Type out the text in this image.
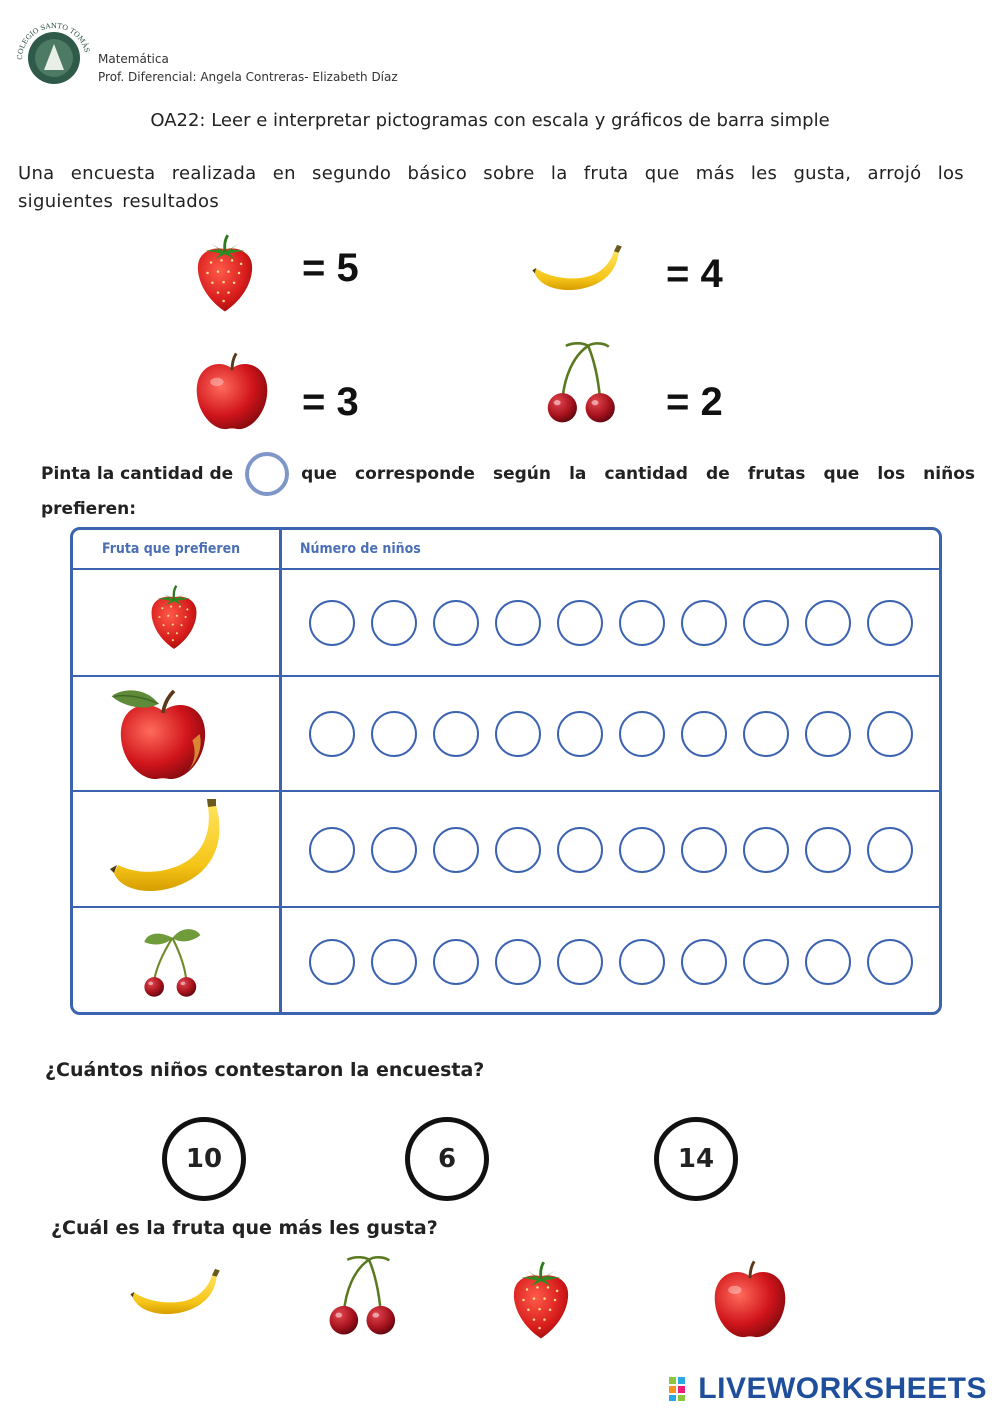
COLEGIO SANTO TOMÁ
Matemática
Prof. Diferencial: Angela Contreras- Elizabeth Díaz
OA22: Leer e interpretar pictogramas con escala y gráficos de barra simple
Una encuesta realizada en segundo básico sobre la fruta que más les gusta, arrojó los siguientes resultados
= 5	= 4
= 3	= 2
Pinta la cantidad de	que corresponde según la cantidad de frutas que los niños
prefieren:
Fruta que prefieren	Número de niños
¿Cuántos niños contestaron la encuesta?
10	6	14
¿Cuál es la fruta que más les gusta?
LIVEWORKSHEETS
